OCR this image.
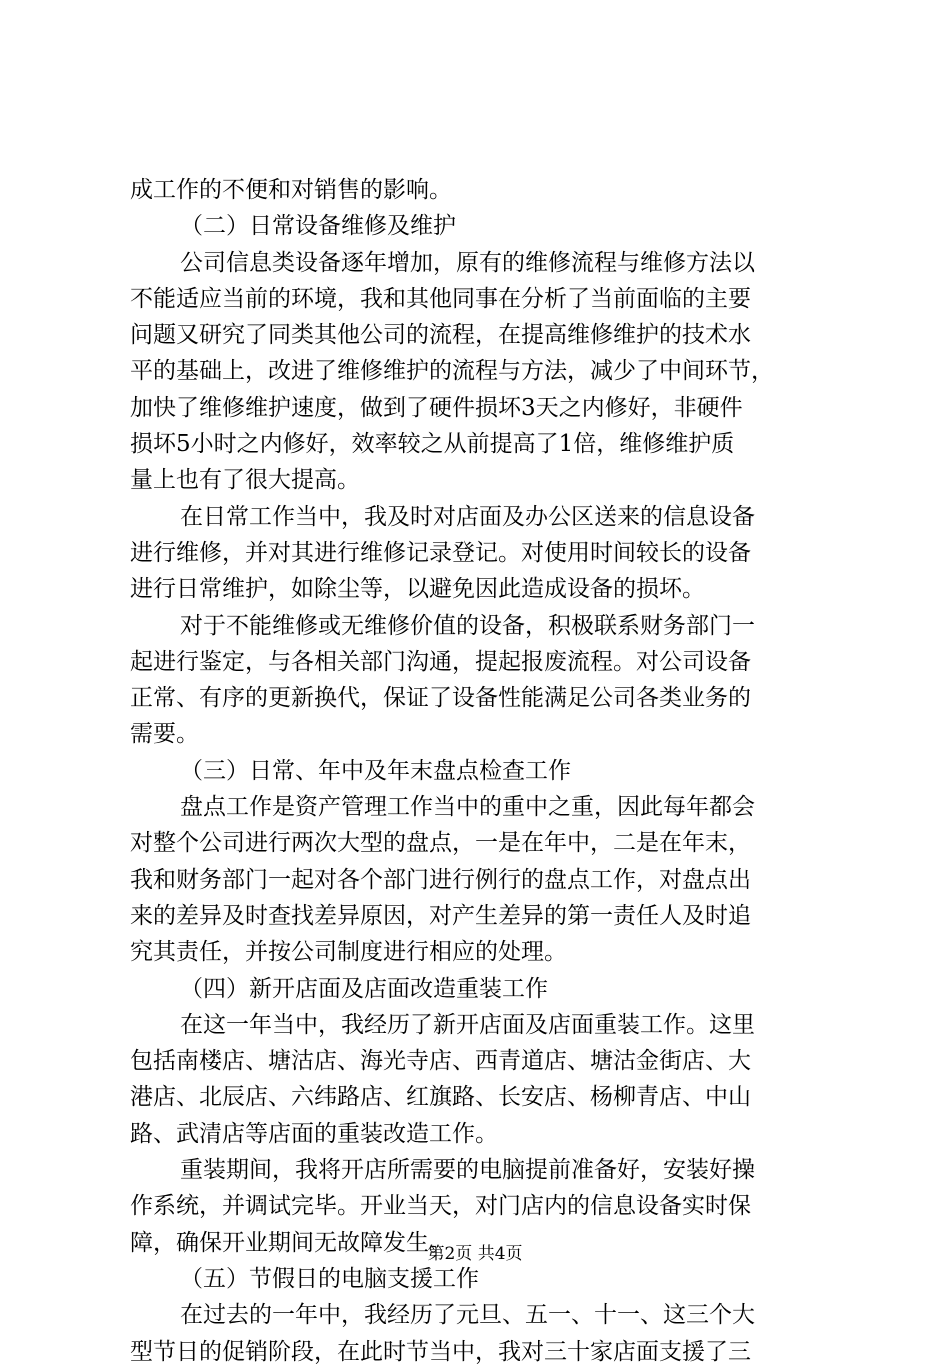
成工作的不便和对销售的影响。
（二）日常设备维修及维护
公司信息类设备逐年增加，原有的维修流程与维修方法以
不能适应当前的环境，我和其他同事在分析了当前面临的主要
问题又研究了同类其他公司的流程，在提高维修维护的技术水
平的基础上，改进了维修维护的流程与方法，减少了中间环节，
加快了维修维护速度，做到了硬件损坏3天之内修好，非硬件
损坏5小时之内修好，效率较之从前提高了1倍，维修维护质
量上也有了很大提高。
在日常工作当中，我及时对店面及办公区送来的信息设备
进行维修，并对其进行维修记录登记。对使用时间较长的设备
进行日常维护，如除尘等，以避免因此造成设备的损坏。
对于不能维修或无维修价值的设备，积极联系财务部门一
起进行鉴定，与各相关部门沟通，提起报废流程。对公司设备
正常、有序的更新换代，保证了设备性能满足公司各类业务的
需要。
（三）日常、年中及年末盘点检查工作
盘点工作是资产管理工作当中的重中之重，因此每年都会
对整个公司进行两次大型的盘点，一是在年中，二是在年末，
我和财务部门一起对各个部门进行例行的盘点工作，对盘点出
来的差异及时查找差异原因，对产生差异的第一责任人及时追
究其责任，并按公司制度进行相应的处理。
（四）新开店面及店面改造重装工作
在这一年当中，我经历了新开店面及店面重装工作。这里
包括南楼店、塘沽店、海光寺店、西青道店、塘沽金街店、大
港店、北辰店、六纬路店、红旗路、长安店、杨柳青店、中山
路、武清店等店面的重装改造工作。
重装期间，我将开店所需要的电脑提前准备好，安装好操
作系统，并调试完毕。开业当天，对门店内的信息设备实时保
障，确保开业期间无故障发生。
（五）节假日的电脑支援工作
在过去的一年中，我经历了元旦、五一、十一、这三个大
型节日的促销阶段，在此时节当中，我对三十家店面支援了三
第2页 共4页
